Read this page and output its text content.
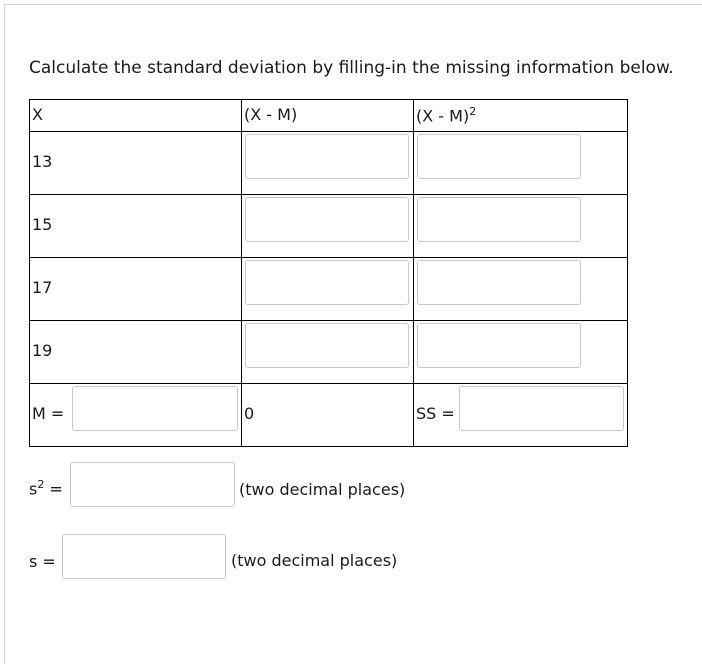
Calculate the standard deviation by filling-in the missing information below.
X	(X - M)	(X - M)$^2$

13

15

17

19

M =	0	SS =
$s^2$ =	(two decimal places)
s =	(two decimal places)
